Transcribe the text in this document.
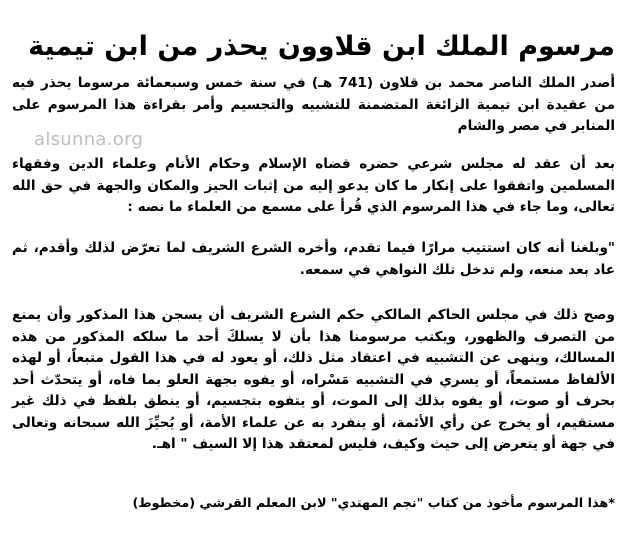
مرسوم الملك ابن قلاوون يحذر من ابن تيمية

أصدر الملك الناصر محمد بن قلاون (741 هـ) في سنة خمس وسبعمائة مرسوما يحذر فيه من عقيدة ابن تيمية الزائغة المتضمنة للتشبيه والتجسيم وأمر بقراءة هذا المرسوم على المنابر في مصر والشام

alsunna.org

بعد أن عقد له مجلس شرعي حضره قضاه الإسلام وحكام الأنام وعلماء الدين وفقهاء المسلمين واتفقوا على إنكار ما كان يدعو إليه من إثبات الحيز والمكان والجهة في حق الله تعالى، وما جاء في هذا المرسوم الذي قُرأ على مسمع من العلماء ما نصه :

"وبلغنا أنه كان استتيب مرارًا فيما تقدم، وأخره الشرع الشريف لما تعرّض لذلك وأقدم، ثم عاد بعد منعه، ولم تدخل تلك النواهي في سمعه.

وصح ذلك في مجلس الحاكم المالكي حكم الشرع الشريف أن يسجن هذا المذكور وأن يمنع من التصرف والظهور، ويكتب مرسومنا هذا بأن لا يسلكَ أحد ما سلكه المذكور من هذه المسالك، وينهى عن التشبيه في اعتقاد مثل ذلك، أو يعود له في هذا القول متبعاً، أو لهذه الألفاظ مستمعاً، أو يسري في التشبيه مَسْراه، أو يفوه بجهة العلو بما فاه، أو يتحدّث أحد بحرف أو صوت، أو يفوه بذلك إلى الموت، أو يتفوه بتجسيم، أو ينطق بلفظ في ذلك غير مستقيم، أو يخرج عن رأي الأئمة، أو ينفرد به عن علماء الأمة، أو يُحيِّزَ الله سبحانه وتعالى في جهة أو يتعرض إلى حيث وكيف، فليس لمعتقد هذا إلا السيف " اهـ.

*هذا المرسوم مأخوذ من كتاب "نجم المهتدي" لابن المعلم القرشي (مخطوط)
